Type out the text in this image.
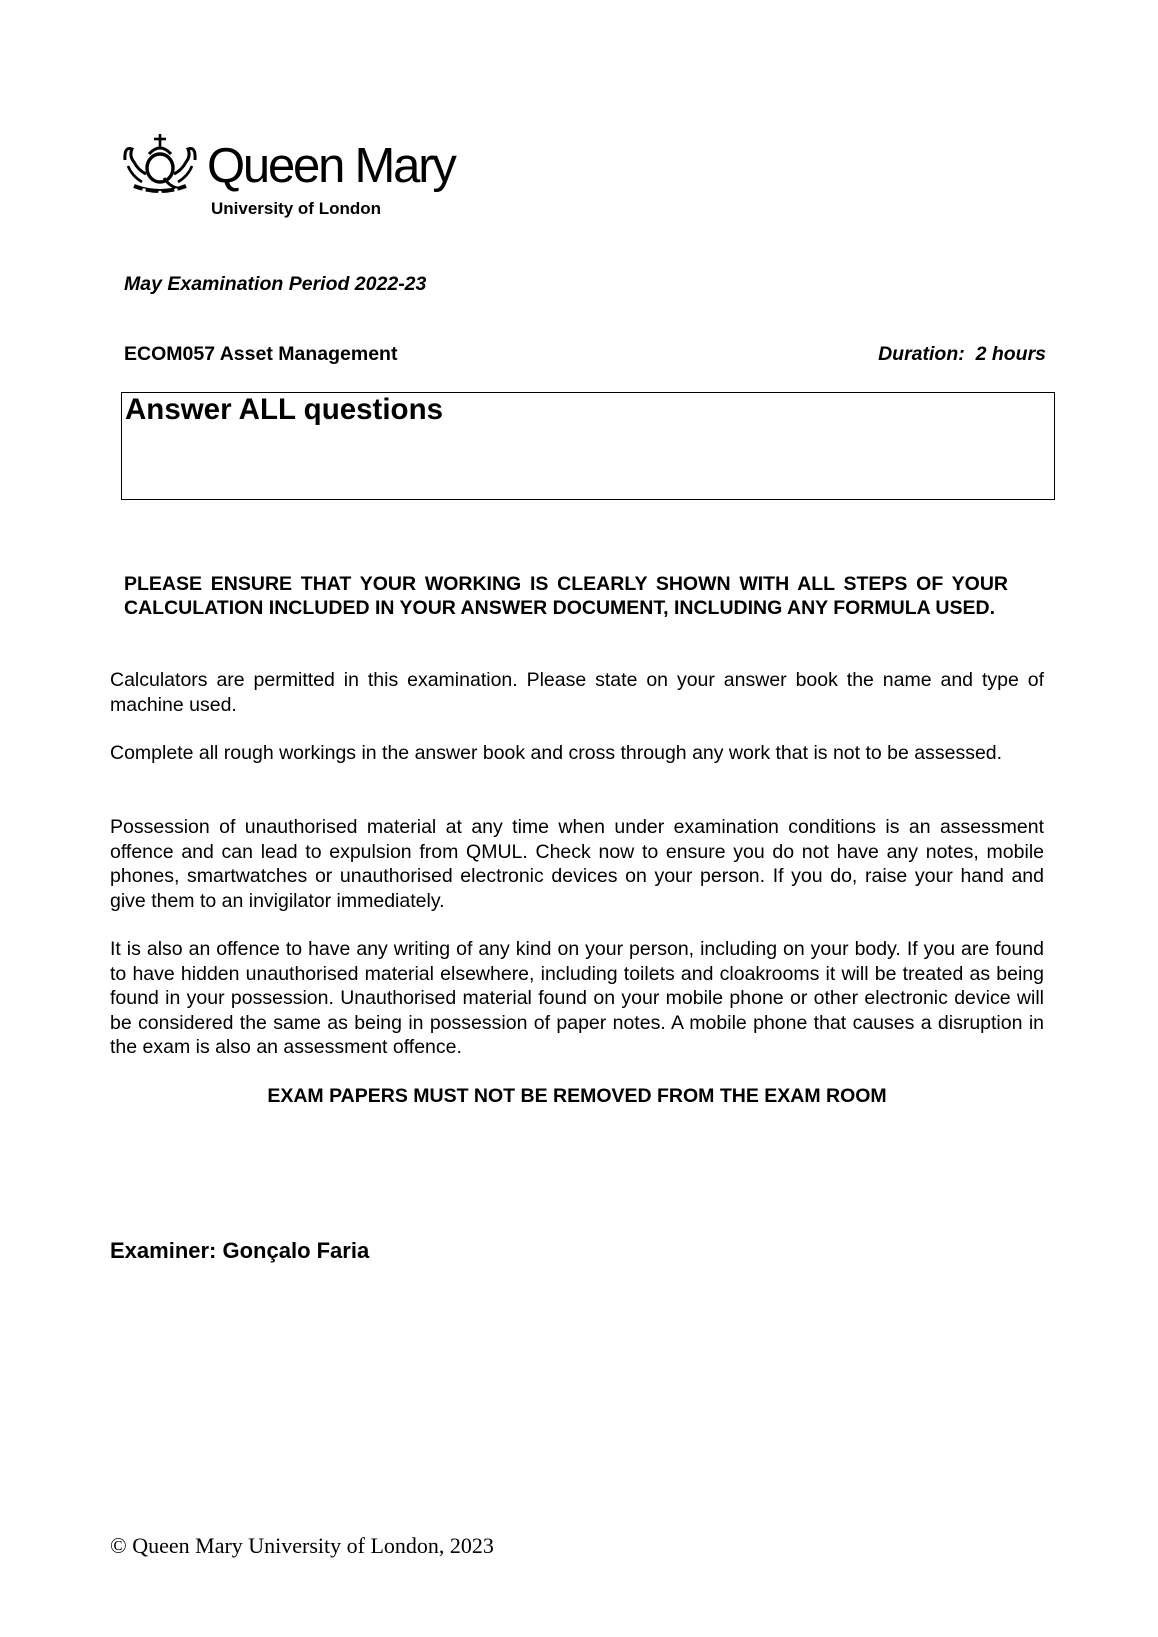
Queen Mary
University of London
May Examination Period 2022-23
ECOM057 Asset Management	Duration:  2 hours
Answer ALL questions
PLEASE ENSURE THAT YOUR WORKING IS CLEARLY SHOWN WITH ALL STEPS OF YOUR CALCULATION INCLUDED IN YOUR ANSWER DOCUMENT, INCLUDING ANY FORMULA USED.
Calculators are permitted in this examination. Please state on your answer book the name and type of machine used.
Complete all rough workings in the answer book and cross through any work that is not to be assessed.
Possession of unauthorised material at any time when under examination conditions is an assessment offence and can lead to expulsion from QMUL. Check now to ensure you do not have any notes, mobile phones, smartwatches or unauthorised electronic devices on your person. If you do, raise your hand and give them to an invigilator immediately.
It is also an offence to have any writing of any kind on your person, including on your body. If you are found to have hidden unauthorised material elsewhere, including toilets and cloakrooms it will be treated as being found in your possession. Unauthorised material found on your mobile phone or other electronic device will be considered the same as being in possession of paper notes. A mobile phone that causes a disruption in the exam is also an assessment offence.
EXAM PAPERS MUST NOT BE REMOVED FROM THE EXAM ROOM
Examiner: Gonçalo Faria
© Queen Mary University of London, 2023
